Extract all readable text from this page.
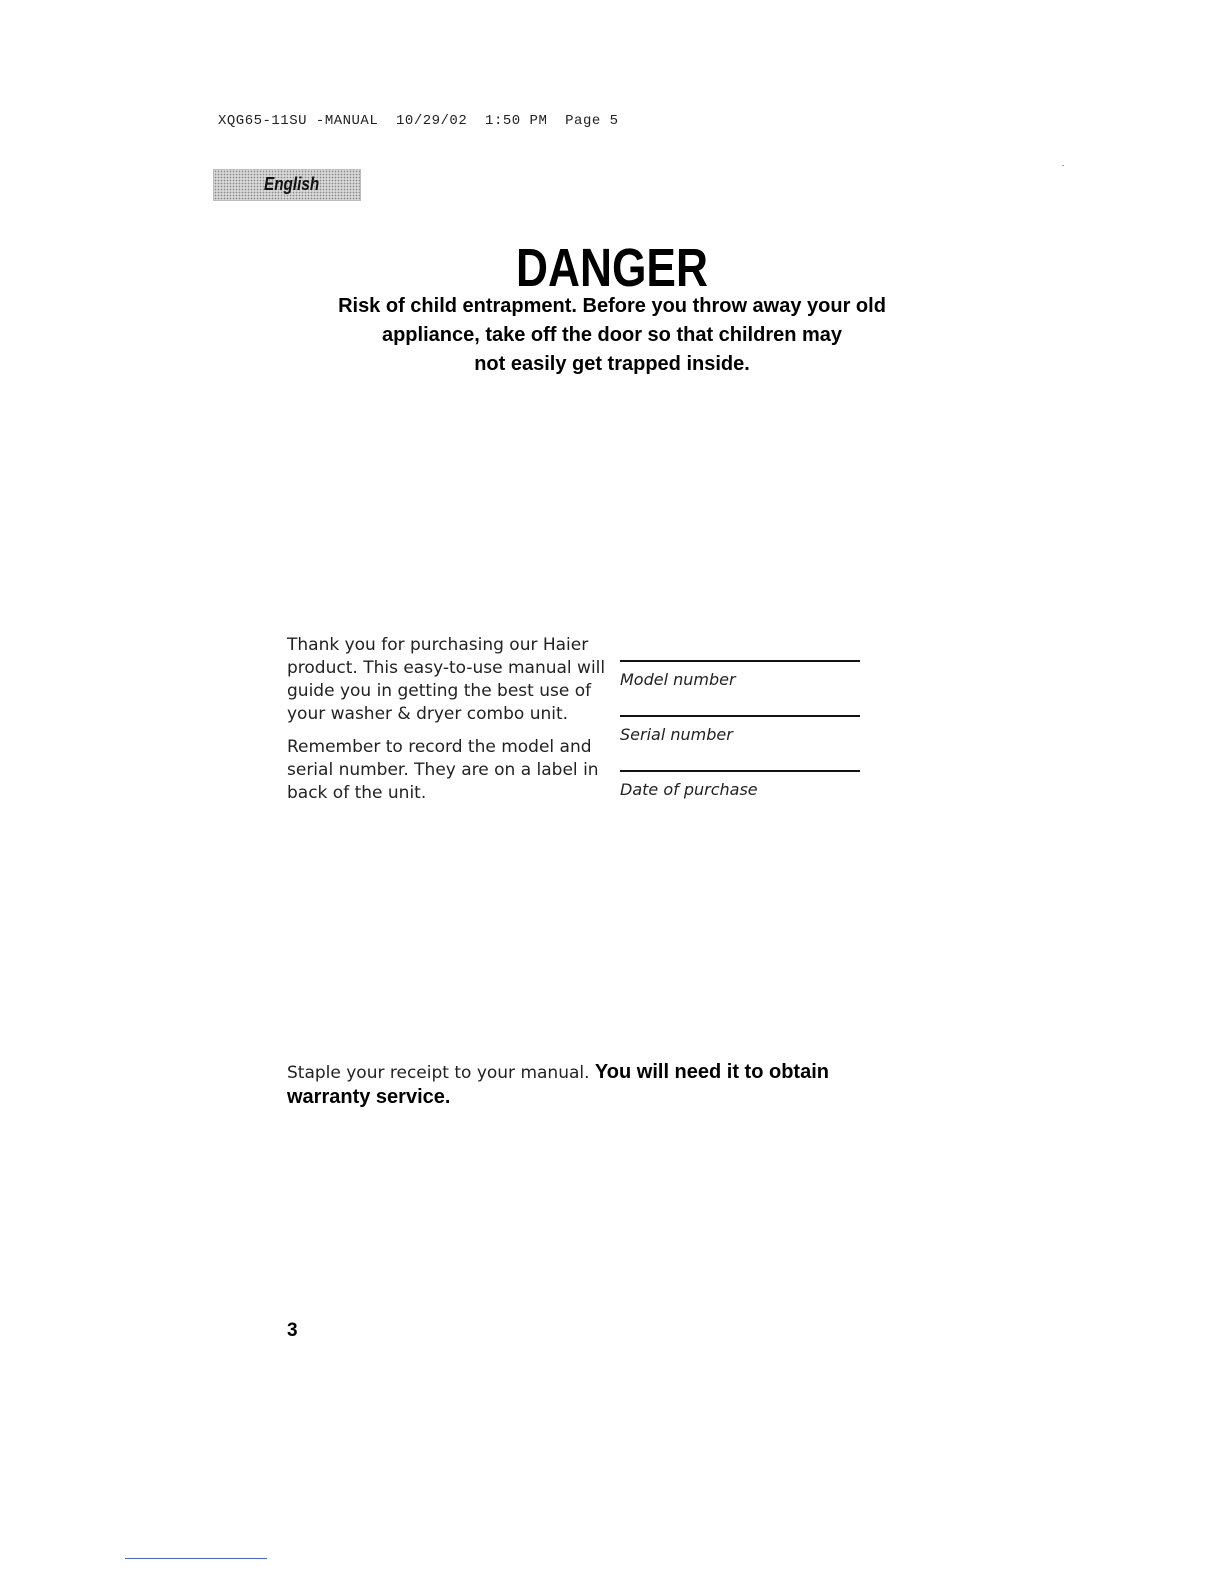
XQG65-11SU -MANUAL  10/29/02  1:50 PM  Page 5
English
DANGER
Risk of child entrapment. Before you throw away your old
appliance, take off the door so that children may
not easily get trapped inside.

Thank you for purchasing our Haier
product. This easy-to-use manual will
guide you in getting the best use of
your washer & dryer combo unit.

Remember to record the model and
serial number. They are on a label in
back of the unit.

Model number
Serial number
Date of purchase
Staple your receipt to your manual. You will need it to obtain warranty service.
3
